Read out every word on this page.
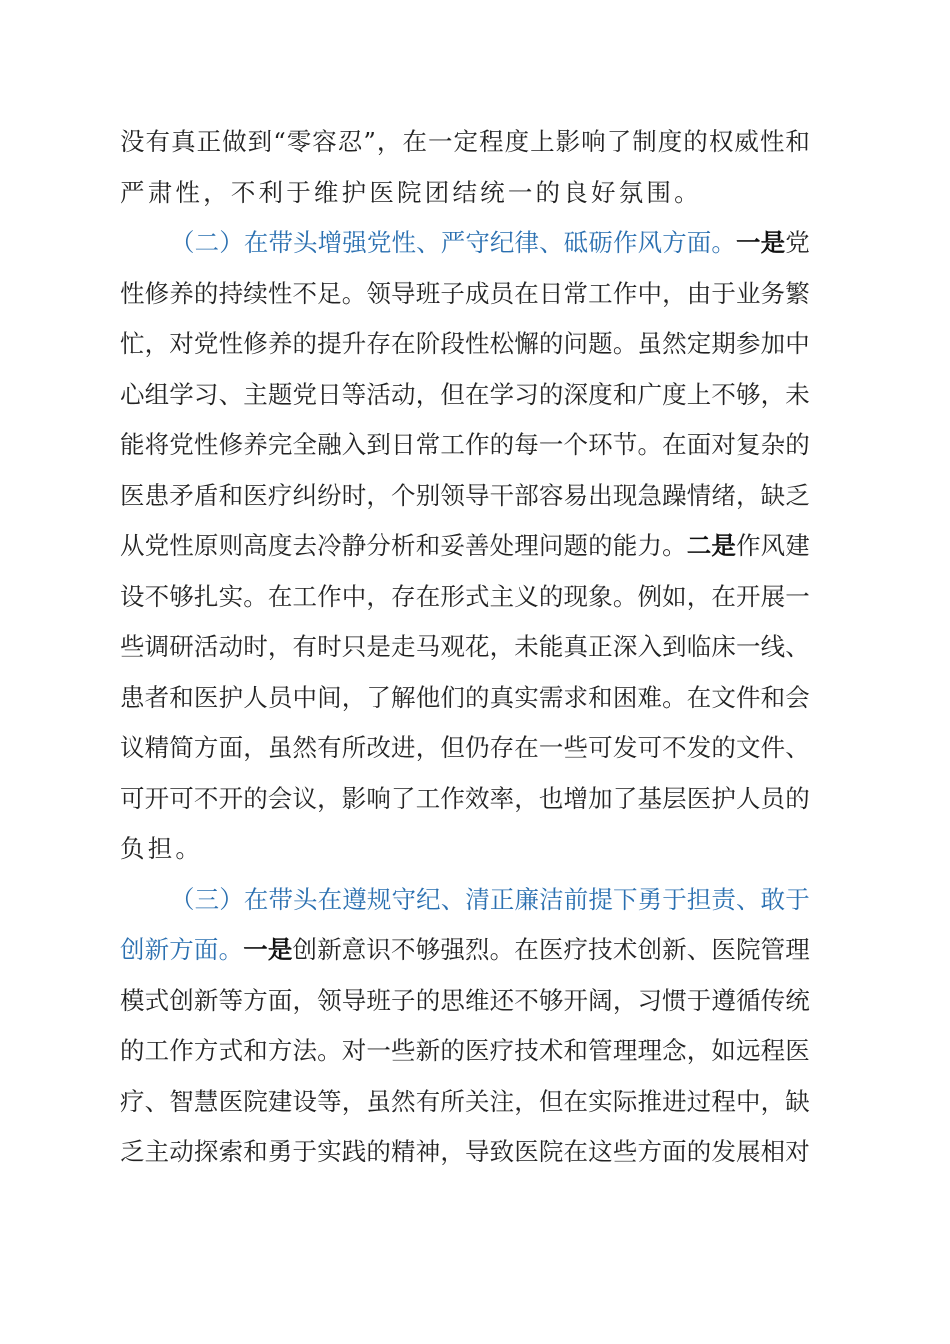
没 有 真 正 做 到 “ 零 容 忍 ” ， 在 一 定 程 度 上 影 响 了 制 度 的 权 威 性 和
严 肃 性 ， 不 利 于 维 护 医 院 团 结 统 一 的 良 好 氛 围 。
（ 二 ） 在 带 头 增 强 党 性 、 严 守 纪 律 、 砥 砺 作 风 方 面 。 一 是 党
性 修 养 的 持 续 性 不 足 。 领 导 班 子 成 员 在 日 常 工 作 中 ， 由 于 业 务 繁
忙 ， 对 党 性 修 养 的 提 升 存 在 阶 段 性 松 懈 的 问 题 。 虽 然 定 期 参 加 中
心 组 学 习 、 主 题 党 日 等 活 动 ， 但 在 学 习 的 深 度 和 广 度 上 不 够 ， 未
能 将 党 性 修 养 完 全 融 入 到 日 常 工 作 的 每 一 个 环 节 。 在 面 对 复 杂 的
医 患 矛 盾 和 医 疗 纠 纷 时 ， 个 别 领 导 干 部 容 易 出 现 急 躁 情 绪 ， 缺 乏
从 党 性 原 则 高 度 去 冷 静 分 析 和 妥 善 处 理 问 题 的 能 力 。 二 是 作 风 建
设 不 够 扎 实 。 在 工 作 中 ， 存 在 形 式 主 义 的 现 象 。 例 如 ， 在 开 展 一
些 调 研 活 动 时 ， 有 时 只 是 走 马 观 花 ， 未 能 真 正 深 入 到 临 床 一 线 、
患 者 和 医 护 人 员 中 间 ， 了 解 他 们 的 真 实 需 求 和 困 难 。 在 文 件 和 会
议 精 简 方 面 ， 虽 然 有 所 改 进 ， 但 仍 存 在 一 些 可 发 可 不 发 的 文 件 、
可 开 可 不 开 的 会 议 ， 影 响 了 工 作 效 率 ， 也 增 加 了 基 层 医 护 人 员 的
负 担 。
（ 三 ） 在 带 头 在 遵 规 守 纪 、 清 正 廉 洁 前 提 下 勇 于 担 责 、 敢 于
创 新 方 面 。 一 是 创 新 意 识 不 够 强 烈 。 在 医 疗 技 术 创 新 、 医 院 管 理
模 式 创 新 等 方 面 ， 领 导 班 子 的 思 维 还 不 够 开 阔 ， 习 惯 于 遵 循 传 统
的 工 作 方 式 和 方 法 。 对 一 些 新 的 医 疗 技 术 和 管 理 理 念 ， 如 远 程 医
疗 、 智 慧 医 院 建 设 等 ， 虽 然 有 所 关 注 ， 但 在 实 际 推 进 过 程 中 ， 缺
乏 主 动 探 索 和 勇 于 实 践 的 精 神 ， 导 致 医 院 在 这 些 方 面 的 发 展 相 对
